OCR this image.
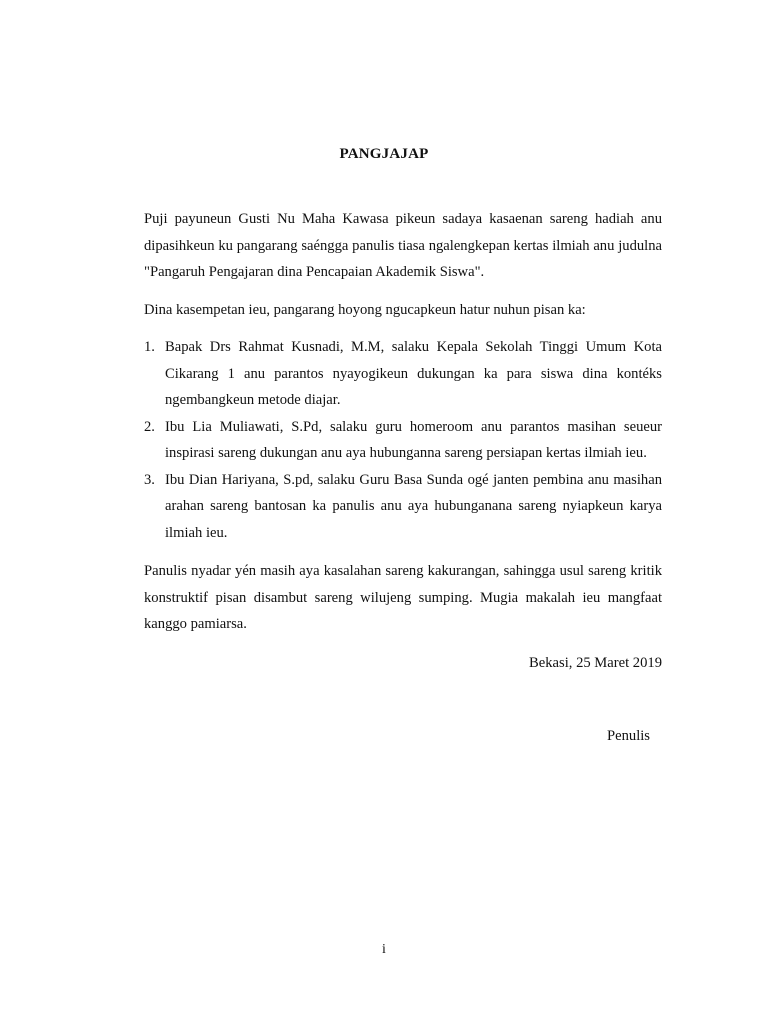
PANGJAJAP

Puji payuneun Gusti Nu Maha Kawasa pikeun sadaya kasaenan sareng hadiah anu dipasihkeun ku pangarang saéngga panulis tiasa ngalengkepan kertas ilmiah anu judulna "Pangaruh Pengajaran dina Pencapaian Akademik Siswa".

Dina kasempetan ieu, pangarang hoyong ngucapkeun hatur nuhun pisan ka:

1. Bapak Drs Rahmat Kusnadi, M.M, salaku Kepala Sekolah Tinggi Umum Kota Cikarang 1 anu parantos nyayogikeun dukungan ka para siswa dina kontéks ngembangkeun metode diajar.
2. Ibu Lia Muliawati, S.Pd, salaku guru homeroom anu parantos masihan seueur inspirasi sareng dukungan anu aya hubunganna sareng persiapan kertas ilmiah ieu.
3. Ibu Dian Hariyana, S.pd, salaku Guru Basa Sunda ogé janten pembina anu masihan arahan sareng bantosan ka panulis anu aya hubunganana sareng nyiapkeun karya ilmiah ieu.

Panulis nyadar yén masih aya kasalahan sareng kakurangan, sahingga usul sareng kritik konstruktif pisan disambut sareng wilujeng sumping. Mugia makalah ieu mangfaat kanggo pamiarsa.

Bekasi, 25 Maret 2019
Penulis
i
